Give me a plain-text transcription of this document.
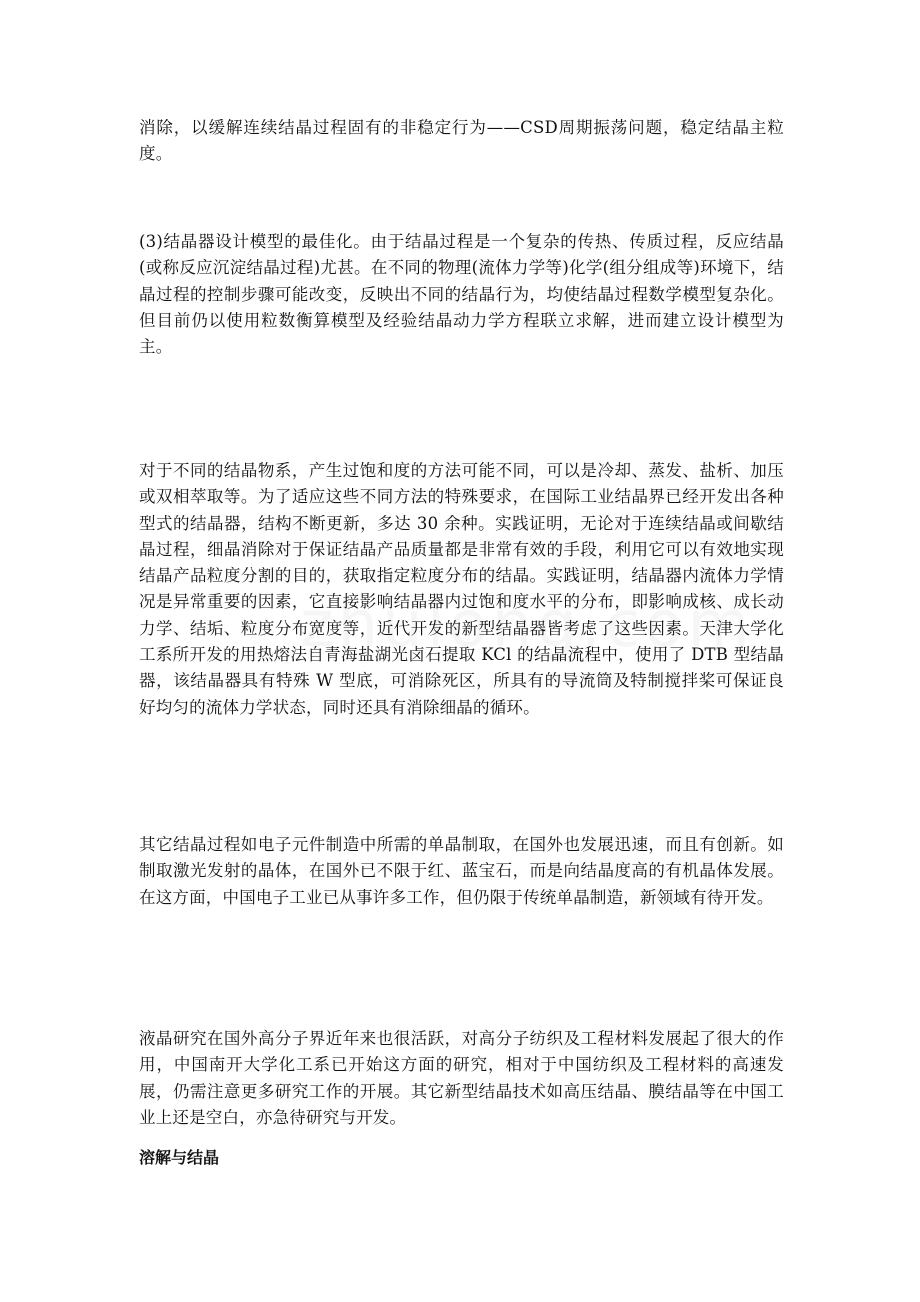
消除，以缓解连续结晶过程固有的非稳定行为——CSD周期振荡问题，稳定结晶主粒度。

(3)结晶器设计模型的最佳化。由于结晶过程是一个复杂的传热、传质过程，反应结晶(或称反应沉淀结晶过程)尤甚。在不同的物理(流体力学等)化学(组分组成等)环境下，结晶过程的控制步骤可能改变，反映出不同的结晶行为，均使结晶过程数学模型复杂化。但目前仍以使用粒数衡算模型及经验结晶动力学方程联立求解，进而建立设计模型为主。

对于不同的结晶物系，产生过饱和度的方法可能不同，可以是冷却、蒸发、盐析、加压或双相萃取等。为了适应这些不同方法的特殊要求，在国际工业结晶界已经开发出各种型式的结晶器，结构不断更新，多达 30 余种。实践证明，无论对于连续结晶或间歇结晶过程，细晶消除对于保证结晶产品质量都是非常有效的手段，利用它可以有效地实现结晶产品粒度分割的目的，获取指定粒度分布的结晶。实践证明，结晶器内流体力学情况是异常重要的因素，它直接影响结晶器内过饱和度水平的分布，即影响成核、成长动力学、结垢、粒度分布宽度等，近代开发的新型结晶器皆考虑了这些因素。天津大学化工系所开发的用热熔法自青海盐湖光卤石提取 KCl 的结晶流程中，使用了 DTB 型结晶器，该结晶器具有特殊 W 型底，可消除死区，所具有的导流筒及特制搅拌桨可保证良好均匀的流体力学状态，同时还具有消除细晶的循环。

其它结晶过程如电子元件制造中所需的单晶制取，在国外也发展迅速，而且有创新。如制取激光发射的晶体，在国外已不限于红、蓝宝石，而是向结晶度高的有机晶体发展。在这方面，中国电子工业已从事许多工作，但仍限于传统单晶制造，新领域有待开发。

液晶研究在国外高分子界近年来也很活跃，对高分子纺织及工程材料发展起了很大的作用，中国南开大学化工系已开始这方面的研究，相对于中国纺织及工程材料的高速发展，仍需注意更多研究工作的开展。其它新型结晶技术如高压结晶、膜结晶等在中国工业上还是空白，亦急待研究与开发。

溶解与结晶
